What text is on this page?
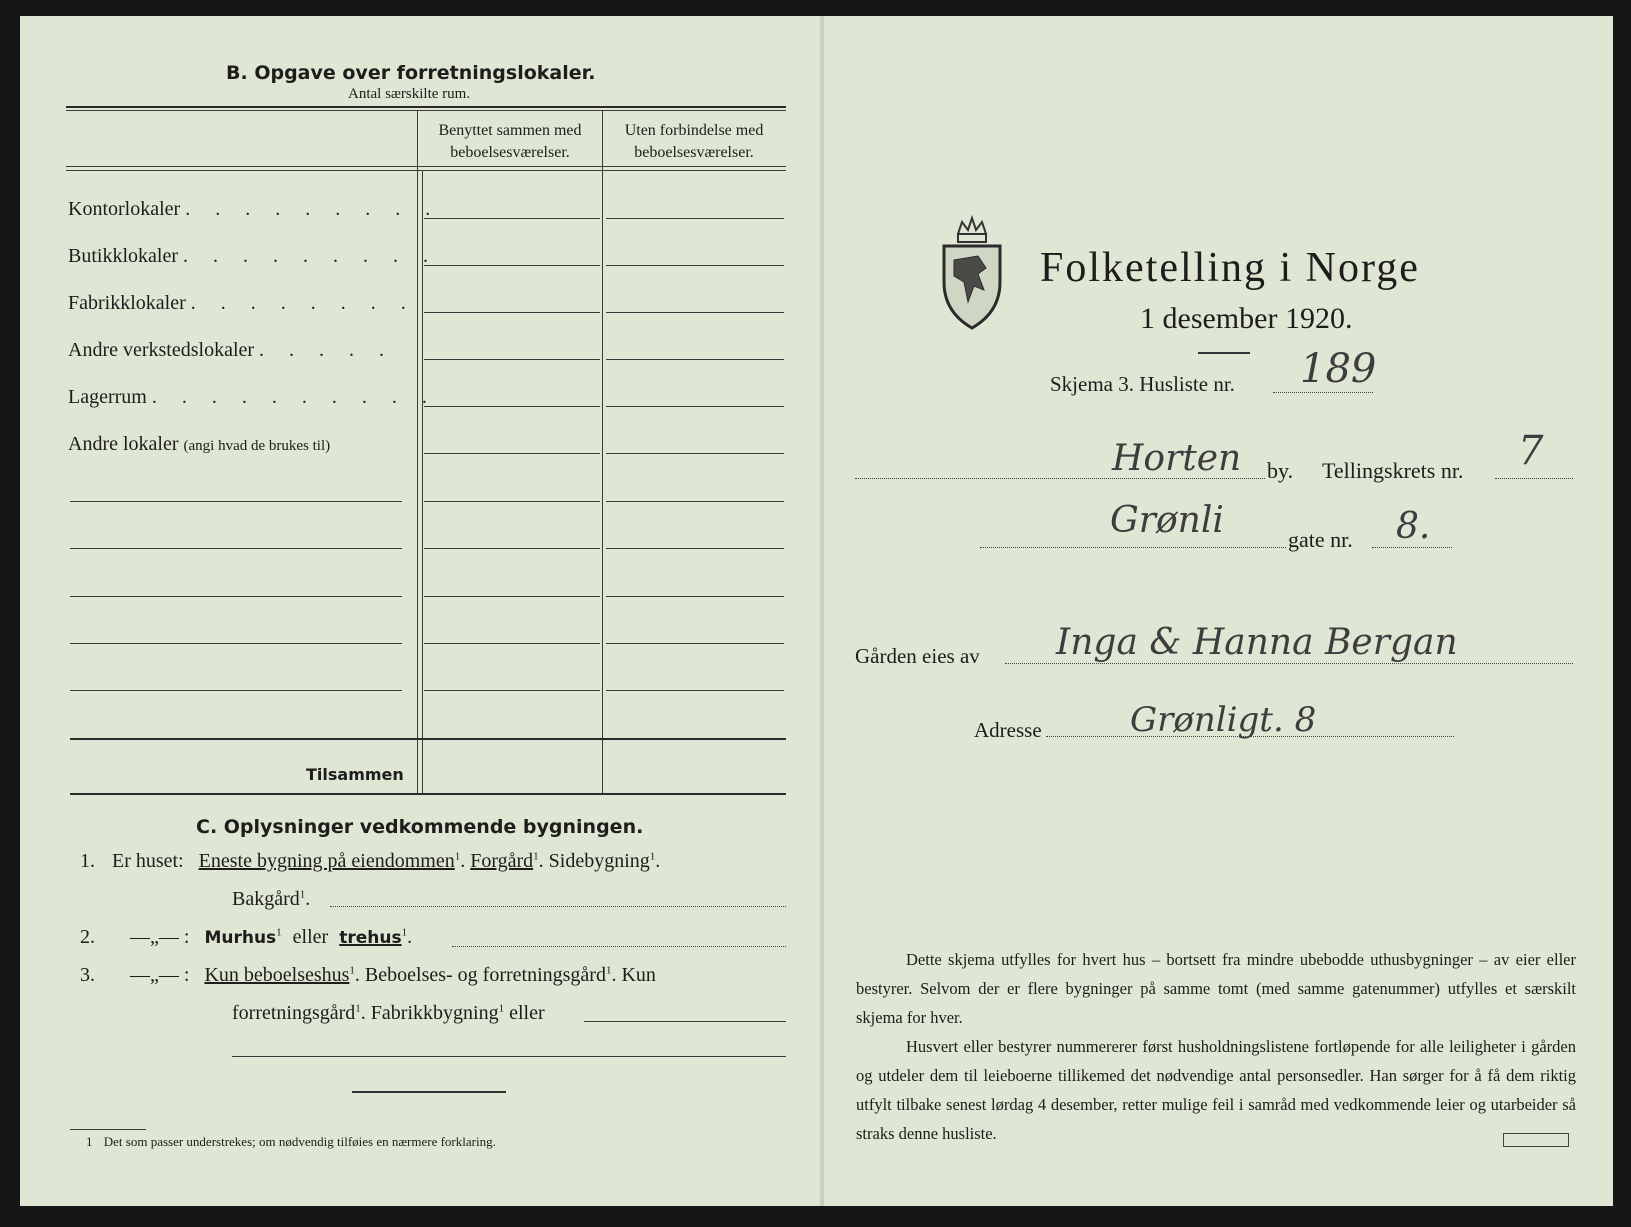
B. Opgave over forretningslokaler.
Antal særskilte rum.
Benyttet sammen med
beboelsesværelser.
Uten forbindelse med
beboelsesværelser.
Kontorlokaler . . . . . . . . .
Butikklokaler . . . . . . . . .
Fabrikklokaler . . . . . . . .
Andre verkstedslokaler . . . . .
Lagerrum . . . . . . . . . .
Andre lokaler (angi hvad de brukes til)
Tilsammen
C. Oplysninger vedkommende bygningen.
1. Er huset: Eneste bygning på eiendommen$^1$. Forgård$^1$. Sidebygning$^1$.
Bakgård$^1$.
2. —„— : Murhus$^1$ eller trehus$^1$.
3. —„— : Kun beboelseshus$^1$. Beboelses- og forretningsgård$^1$. Kun
forretningsgård$^1$. Fabrikkbygning$^1$ eller
1 Det som passer understrekes; om nødvendig tilføies en nærmere forklaring.
Folketelling i Norge
1 desember 1920.
Skjema 3. Husliste nr. 189
Horten by. Tellingskrets nr. 7
Grønli	gate nr. 8.
Gården eies av Inga & Hanna Bergan
Adresse	Grønligt. 8
Dette skjema utfylles for hvert hus – bortsett fra mindre ubebodde uthusbygninger – av eier eller bestyrer. Selvom der er flere bygninger på samme tomt (med samme gatenummer) utfylles et særskilt skjema for hver.
Husvert eller bestyrer nummererer først husholdningslistene fortløpende for alle leiligheter i gården og utdeler dem til leieboerne tillikemed det nødvendige antal personsedler. Han sørger for å få dem riktig utfylt tilbake senest lørdag 4 desember, retter mulige feil i samråd med vedkommende leier og utarbeider så straks denne husliste.
